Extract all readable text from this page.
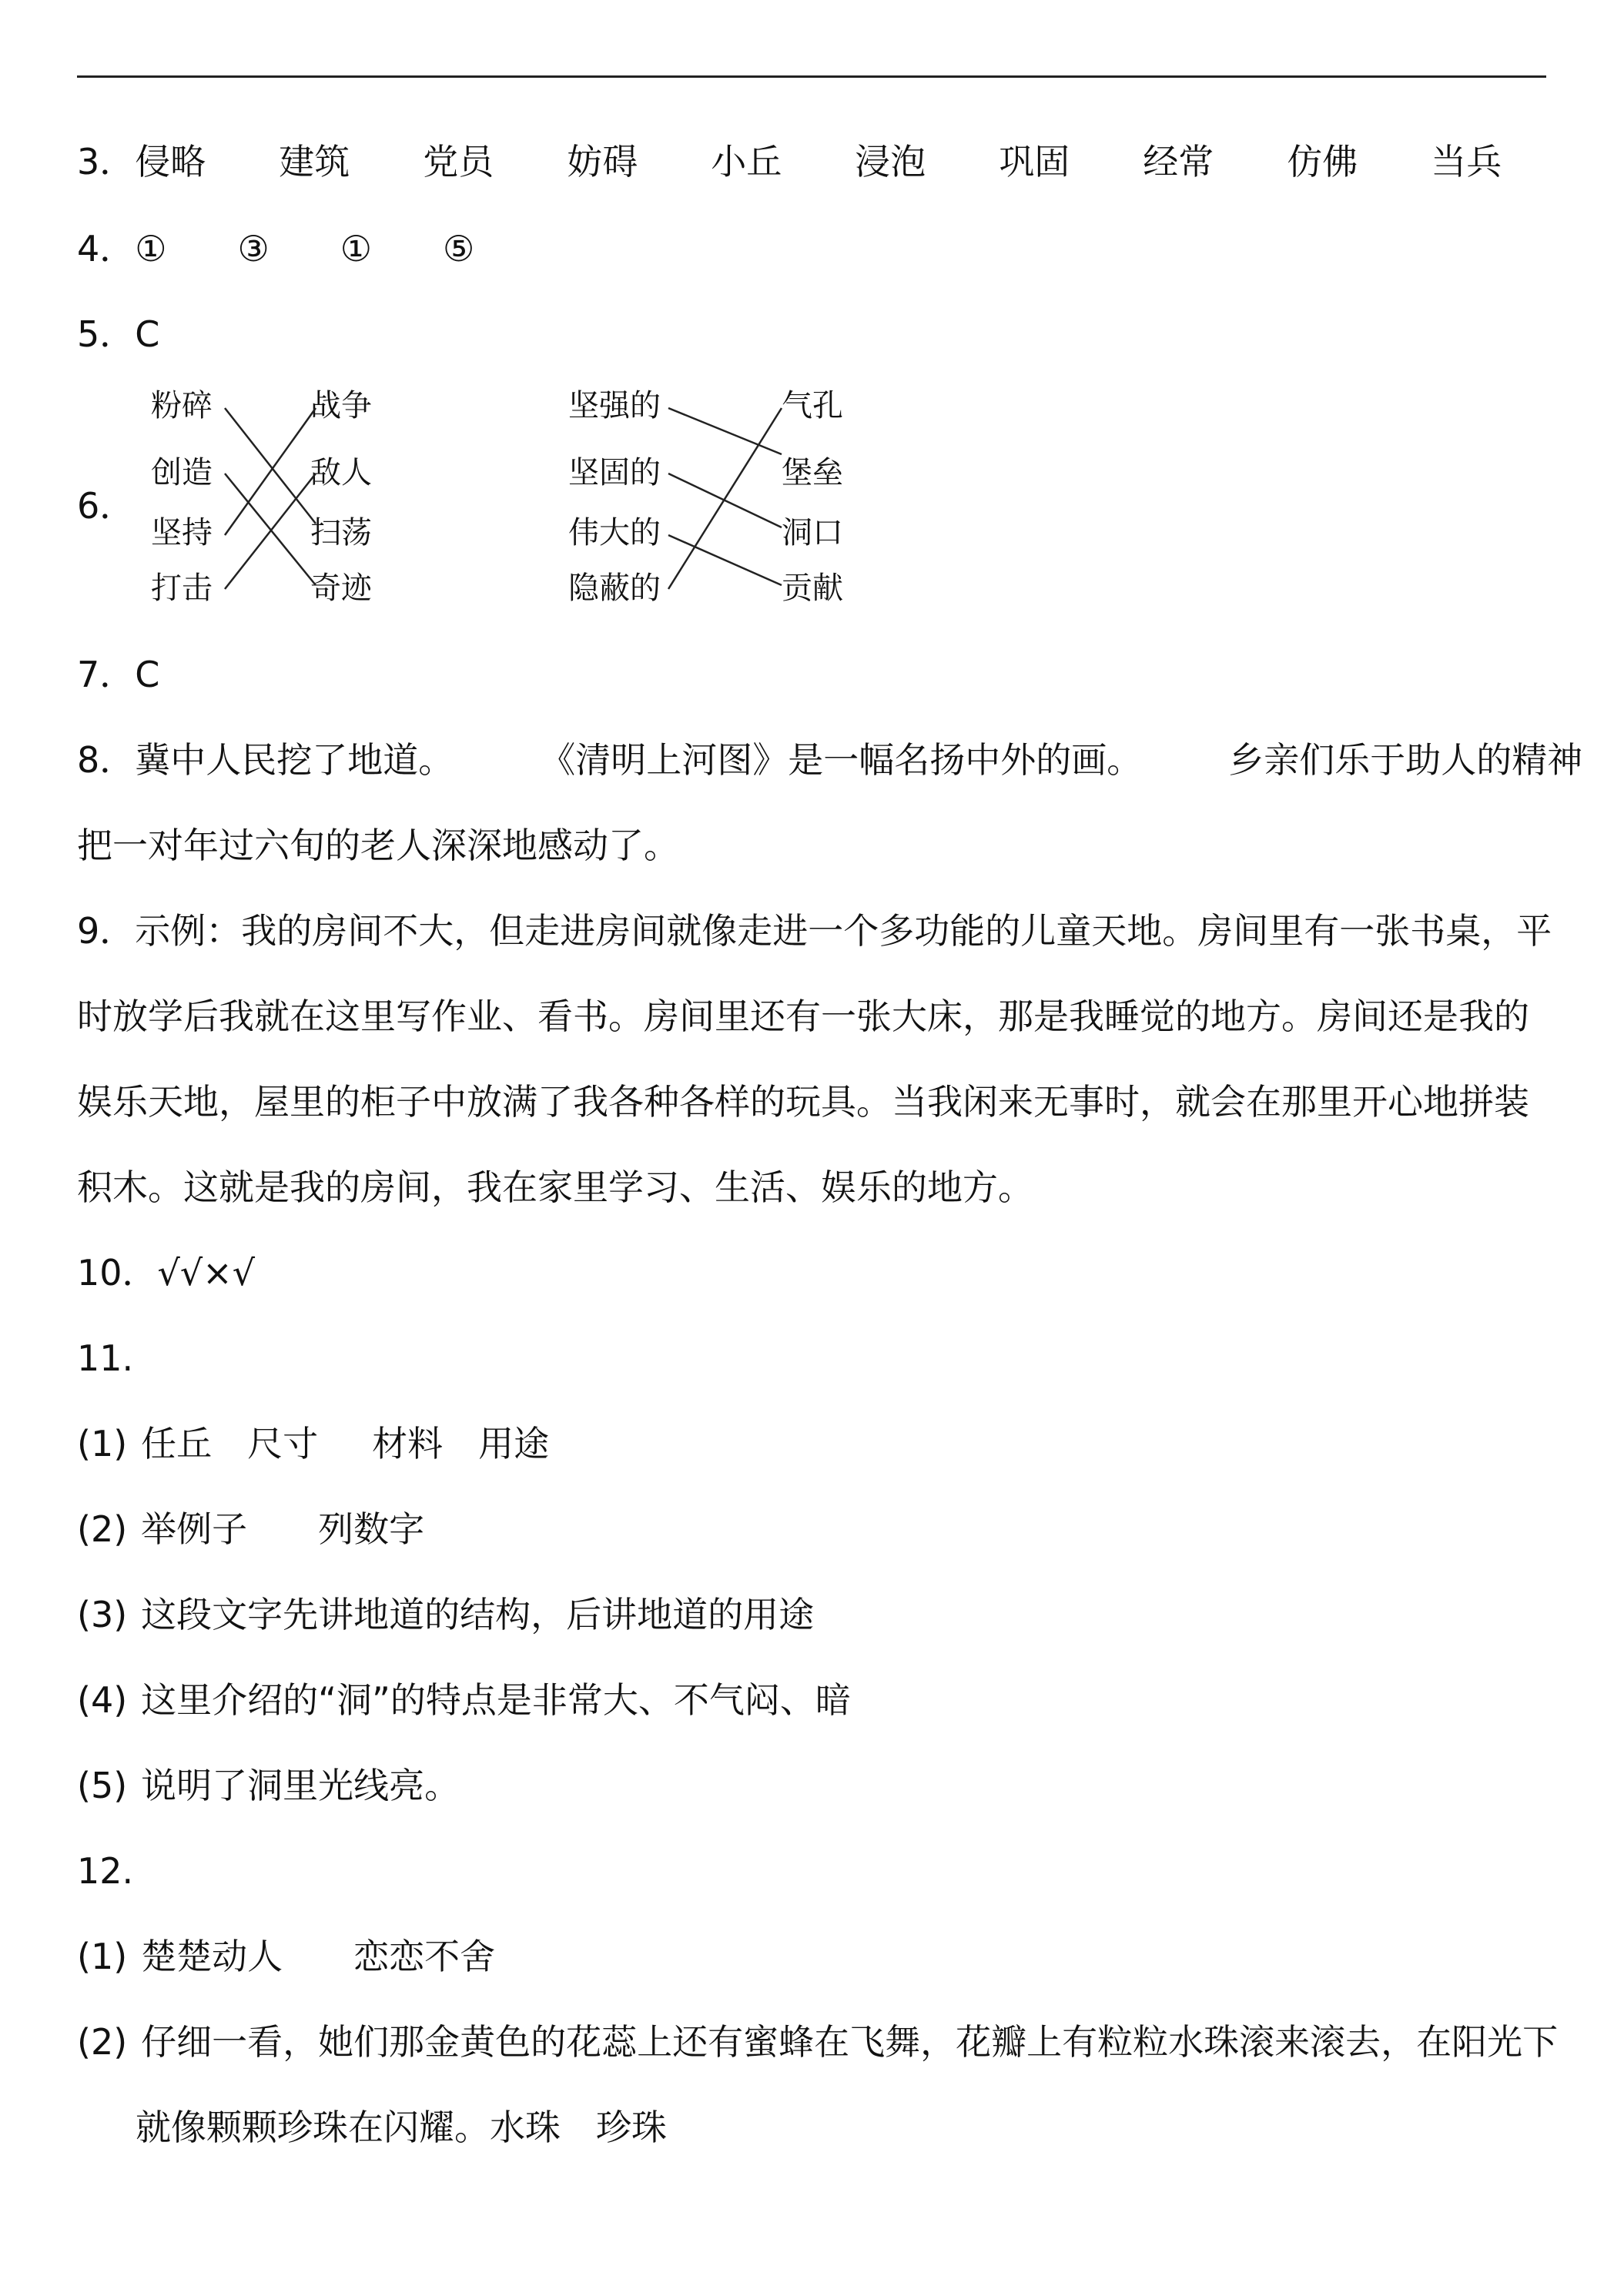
3．侵略 建筑 党员 妨碍 小丘 浸泡 巩固 经常 仿佛 当兵
4．① ③ ① ⑤
5．C
6．
粉碎
创造
坚持
打击
战争
敌人
扫荡
奇迹
坚强的
坚固的
伟大的
隐蔽的
气孔
堡垒
洞口
贡献
7．C
8．冀中人民挖了地道。 《清明上河图》是一幅名扬中外的画。 乡亲们乐于助人的精神
把一对年过六旬的老人深深地感动了。
9．示例：我的房间不大，但走进房间就像走进一个多功能的儿童天地。房间里有一张书桌，平
时放学后我就在这里写作业、看书。房间里还有一张大床，那是我睡觉的地方。房间还是我的
娱乐天地，屋里的柜子中放满了我各种各样的玩具。当我闲来无事时，就会在那里开心地拼装
积木。这就是我的房间，我在家里学习、生活、娱乐的地方。
10．√√×√
11.
(1) 任丘 尺寸 材料 用途
(2) 举例子 列数字
(3) 这段文字先讲地道的结构，后讲地道的用途
(4) 这里介绍的“洞”的特点是非常大、不气闷、暗
(5) 说明了洞里光线亮。
12.
(1) 楚楚动人 恋恋不舍
(2) 仔细一看，她们那金黄色的花蕊上还有蜜蜂在飞舞，花瓣上有粒粒水珠滚来滚去，在阳光下
就像颗颗珍珠在闪耀。水珠　珍珠
